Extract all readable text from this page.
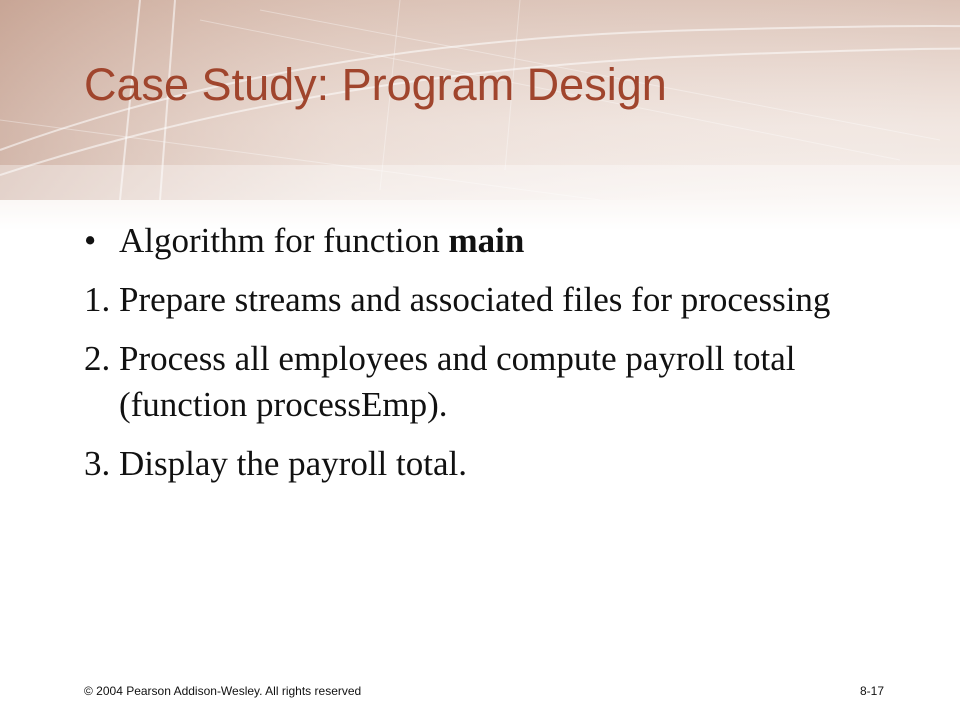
Case Study: Program Design

• Algorithm for function main

1. Prepare streams and associated files for processing

2. Process all employees and compute payroll total (function processEmp).

3. Display the payroll total.

© 2004 Pearson Addison-Wesley. All rights reserved	8-17
